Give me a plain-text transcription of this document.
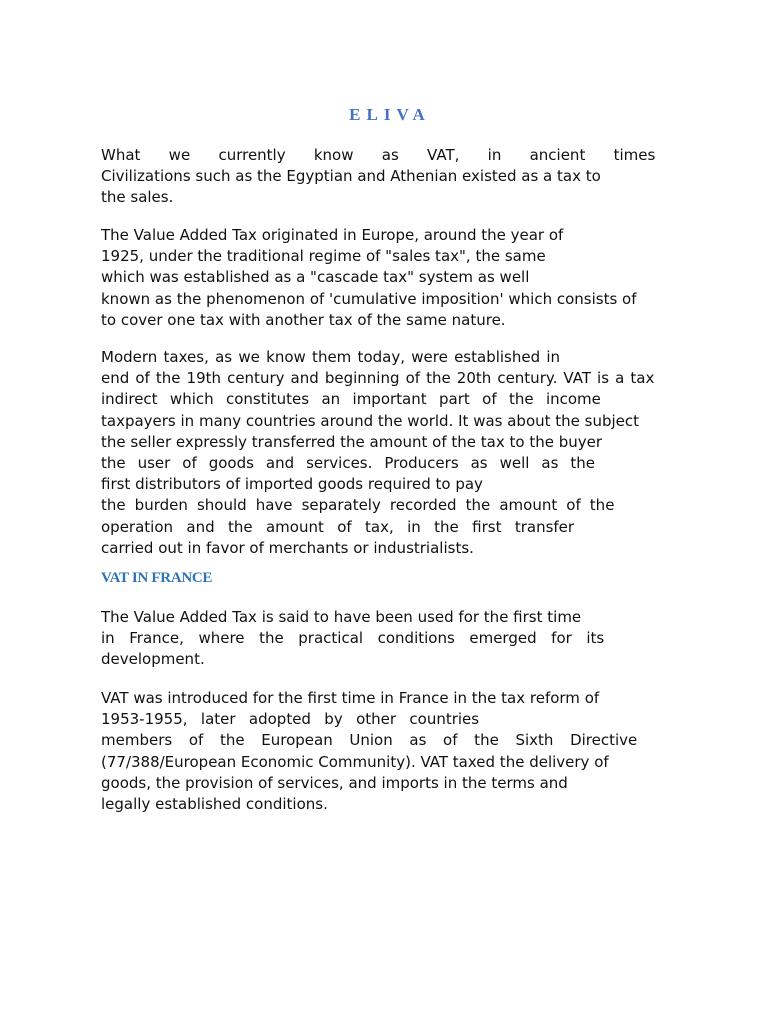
ELIVA

What we currently know as VAT, in ancient times
Civilizations such as the Egyptian and Athenian existed as a tax to
the sales.

The Value Added Tax originated in Europe, around the year of
1925, under the traditional regime of "sales tax", the same
which was established as a "cascade tax" system as well
known as the phenomenon of 'cumulative imposition' which consists of
to cover one tax with another tax of the same nature.

Modern taxes, as we know them today, were established in
end of the 19th century and beginning of the 20th century. VAT is a tax
indirect which constitutes an important part of the income
taxpayers in many countries around the world. It was about the subject
the seller expressly transferred the amount of the tax to the buyer
the user of goods and services. Producers as well as the
first distributors of imported goods required to pay
the burden should have separately recorded the amount of the
operation and the amount of tax, in the first transfer
carried out in favor of merchants or industrialists.

VAT IN FRANCE

The Value Added Tax is said to have been used for the first time
in France, where the practical conditions emerged for its
development.

VAT was introduced for the first time in France in the tax reform of
1953-1955, later adopted by other countries
members of the European Union as of the Sixth Directive
(77/388/European Economic Community). VAT taxed the delivery of
goods, the provision of services, and imports in the terms and
legally established conditions.
